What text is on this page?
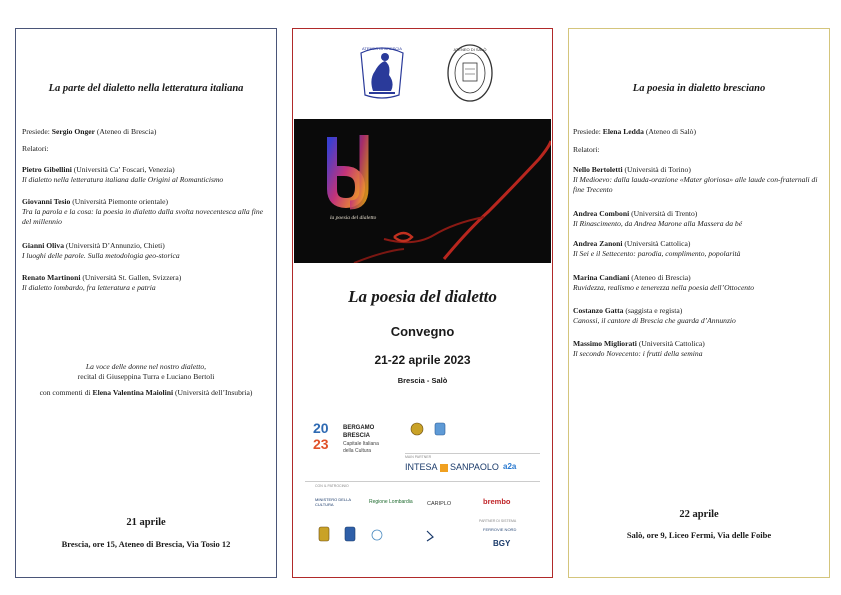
La parte del dialetto nella letteratura italiana
Presiede: Sergio Onger (Ateneo di Brescia)
Relatori:
Pietro Gibellini (Università Ca’ Foscari, Venezia)
Il dialetto nella letteratura italiana dalle Origini al Romanticismo
Giovanni Tesio (Università Piemonte orientale)
Tra la parola e la cosa: la poesia in dialetto dalla svolta novecentesca alla fine del millennio
Gianni Oliva (Università D’Annunzio, Chieti)
I luoghi delle parole. Sulla metodologia geo-storica
Renato Martinoni (Università St. Gallen, Svizzera)
Il dialetto lombardo, fra letteratura e patria
La voce delle donne nel nostro dialetto,
recital di Giuseppina Turra e Luciano Bertoli
con commenti di Elena Valentina Maiolini (Università dell’Insubria)
21 aprile
Brescia, ore 15, Ateneo di Brescia, Via Tosio 12
ATENEO DI BRESCIA	ATENEO DI SALÒ
la poesia del dialetto
La poesia del dialetto
Convegno
21-22 aprile 2023
Brescia - Salò
20
23
BERGAMO
BRESCIA
Capitale Italiana
della Cultura
MAIN PARTNER
INTESA SANPAOLO a2a
CON IL PATROCINIO
MINISTERO DELLA CULTURA	Regione Lombardia	CARIPLO	brembo
PARTNER DI SISTEMA
FERROVIE NORD
BGY
La poesia in dialetto bresciano
Presiede: Elena Ledda (Ateneo di Salò)
Relatori:
Nello Bertoletti (Università di Torino)
Il Medioevo: dalla lauda-orazione «Mater gloriosa» alle laude con-fraternali di fine Trecento
Andrea Comboni (Università di Trento)
Il Rinascimento, da Andrea Marone alla Massera da bé
Andrea Zanoni (Università Cattolica)
Il Sei e il Settecento: parodia, complimento, popolarità
Marina Candiani (Ateneo di Brescia)
Ruvidezza, realismo e tenerezza nella poesia dell’Ottocento
Costanzo Gatta (saggista e regista)
Canossi, il cantore di Brescia che guarda d’Annunzio
Massimo Migliorati (Università Cattolica)
Il secondo Novecento: i frutti della semina
22 aprile
Salò, ore 9, Liceo Fermi, Via delle Foibe
